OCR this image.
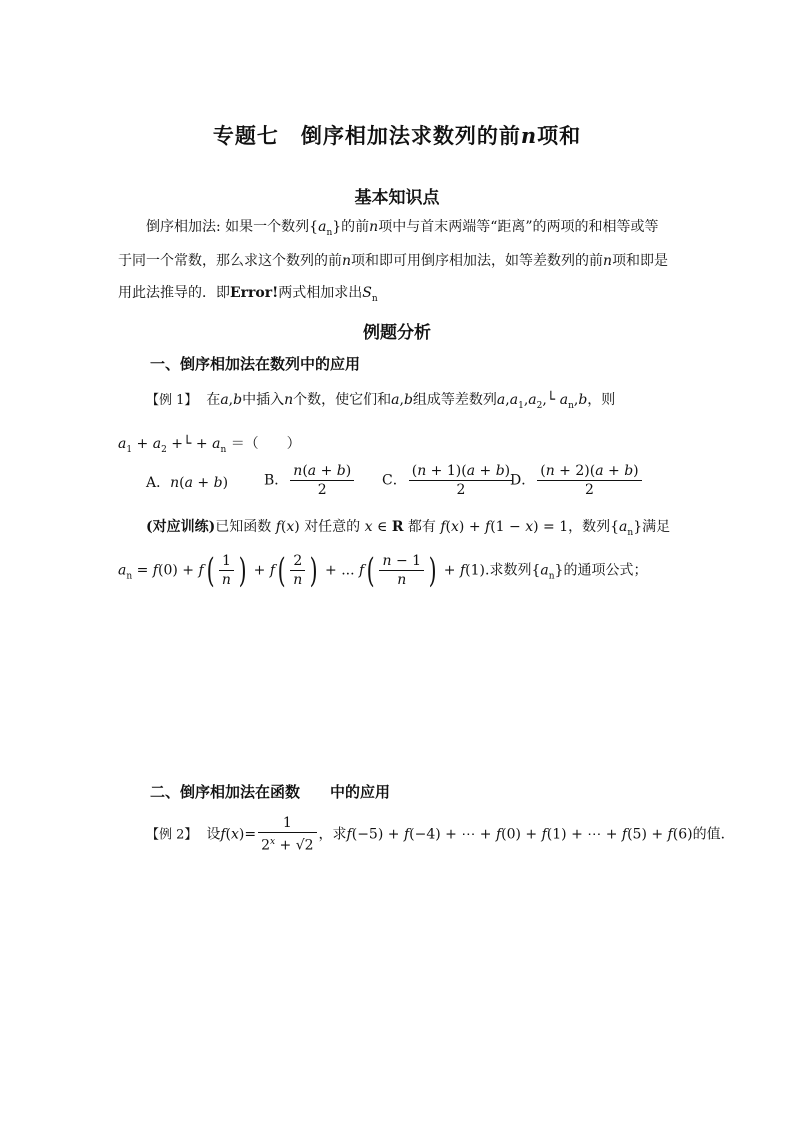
专题七　倒序相加法求数列的前n项和
基本知识点
倒序相加法: 如果一个数列$\{a_n\}$的前n项中与首末两端等“距离”的两项的和相等或等
于同一个常数，那么求这个数列的前n项和即可用倒序相加法，如等差数列的前n项和即是
用此法推导的．即Error!两式相加求出$S_n$
例题分析
一、倒序相加法在数列中的应用
【例 1】 在a,b中插入n个数，使它们和a,b组成等差数列$a,a_1,a_2,└$ $a_n,b$，则
$a_1 + a_2$ +└ + $a_n$ ＝（　　）
A．n(a + b)	B． $\frac{n(a + b)}{2}$ C． $\frac{(n + 1)(a + b)}{2}$
D． $\frac{(n + 2)(a + b)}{2}$
(对应训练)已知函数 f(x) 对任意的 x ∈ R 都有 f(x) + f(1 − x) = 1，数列$\{a_n\}$满足
$a_n = f(0) + f( \frac{1}{n}$ ) + $f( \frac{2}{n}$ ) + ... $f( \frac{n - 1}{n}$ ) + f(1).求数列$\{a_n\}$的通项公式；
二、倒序相加法在函数　　中的应用
【例 2】 设$f(x)= \frac{1}{2^x + √2}$ ，求f(−5) + f(−4) + ⋯ + f(0) + f(1) + ⋯ + f(5) + f(6)的值．
